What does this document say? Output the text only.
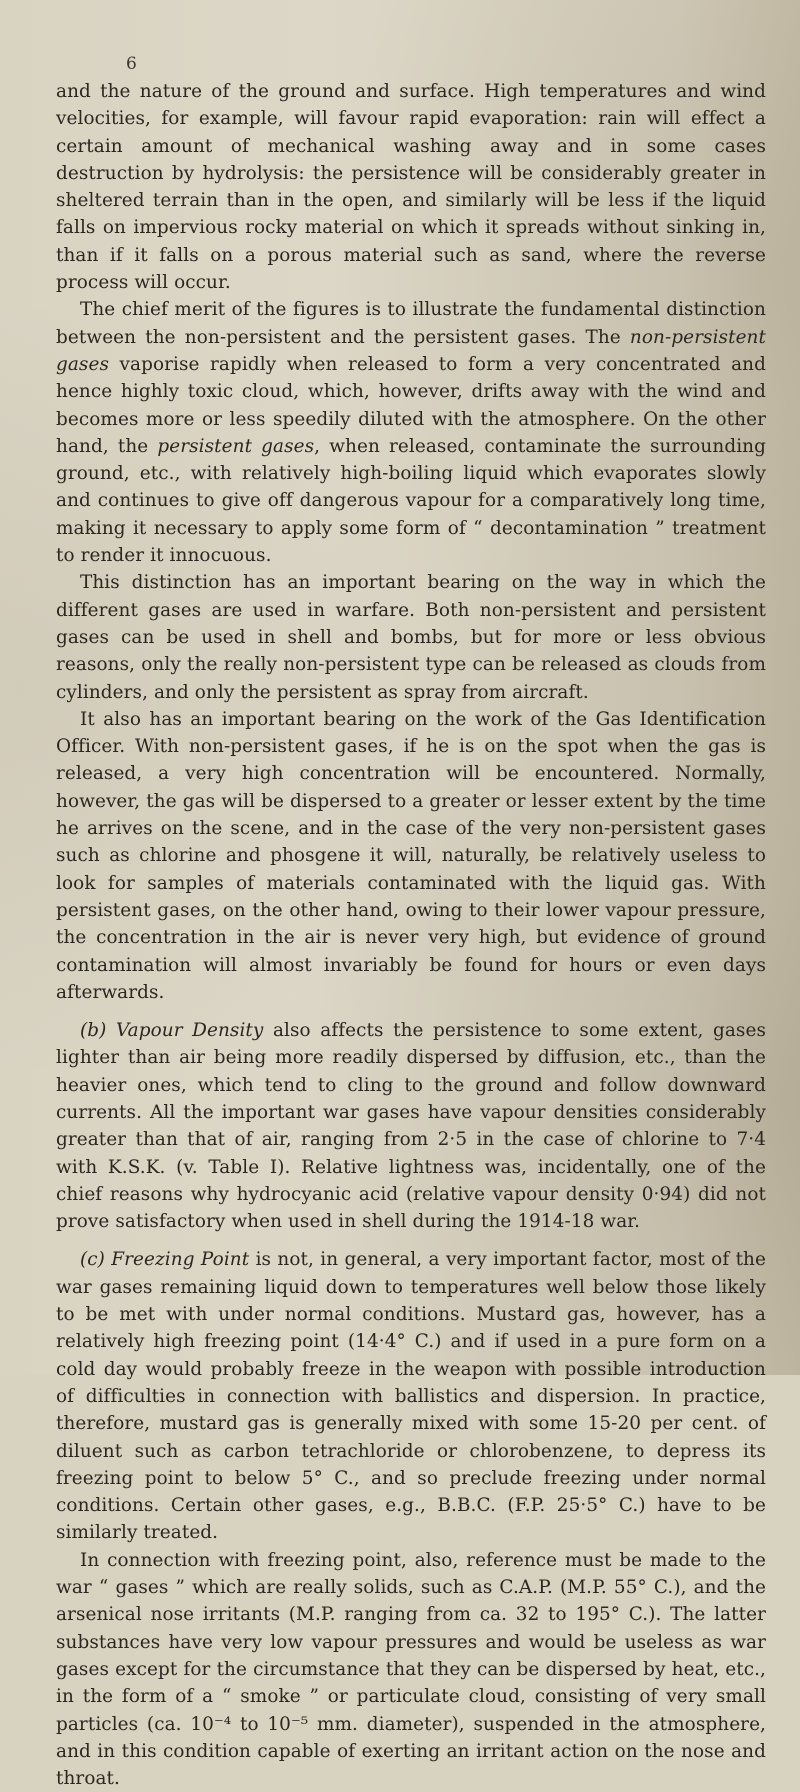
6

and the nature of the ground and surface. High temperatures and wind velocities, for example, will favour rapid evaporation: rain will effect a certain amount of mechanical washing away and in some cases destruction by hydrolysis: the persistence will be considerably greater in sheltered terrain than in the open, and similarly will be less if the liquid falls on impervious rocky material on which it spreads without sinking in, than if it falls on a porous material such as sand, where the reverse process will occur.

The chief merit of the figures is to illustrate the fundamental distinction between the non-persistent and the persistent gases. The non-persistent gases vaporise rapidly when released to form a very concentrated and hence highly toxic cloud, which, however, drifts away with the wind and becomes more or less speedily diluted with the atmosphere. On the other hand, the persistent gases, when released, contaminate the surrounding ground, etc., with relatively high-boiling liquid which evaporates slowly and continues to give off dangerous vapour for a comparatively long time, making it necessary to apply some form of “ decontamination ” treatment to render it innocuous.

This distinction has an important bearing on the way in which the different gases are used in warfare. Both non-persistent and persistent gases can be used in shell and bombs, but for more or less obvious reasons, only the really non-persistent type can be released as clouds from cylinders, and only the persistent as spray from aircraft.

It also has an important bearing on the work of the Gas Identification Officer. With non-persistent gases, if he is on the spot when the gas is released, a very high concentration will be encountered. Normally, however, the gas will be dispersed to a greater or lesser extent by the time he arrives on the scene, and in the case of the very non-persistent gases such as chlorine and phosgene it will, naturally, be relatively useless to look for samples of materials contaminated with the liquid gas. With persistent gases, on the other hand, owing to their lower vapour pressure, the concentration in the air is never very high, but evidence of ground contamination will almost invariably be found for hours or even days afterwards.

(b) Vapour Density also affects the persistence to some extent, gases lighter than air being more readily dispersed by diffusion, etc., than the heavier ones, which tend to cling to the ground and follow downward currents. All the important war gases have vapour densities considerably greater than that of air, ranging from 2·5 in the case of chlorine to 7·4 with K.S.K. (v. Table I). Relative lightness was, incidentally, one of the chief reasons why hydrocyanic acid (relative vapour density 0·94) did not prove satisfactory when used in shell during the 1914-18 war.

(c) Freezing Point is not, in general, a very important factor, most of the war gases remaining liquid down to temperatures well below those likely to be met with under normal conditions. Mustard gas, however, has a relatively high freezing point (14·4° C.) and if used in a pure form on a cold day would probably freeze in the weapon with possible introduction of difficulties in connection with ballistics and dispersion. In practice, therefore, mustard gas is generally mixed with some 15-20 per cent. of diluent such as carbon tetrachloride or chlorobenzene, to depress its freezing point to below 5° C., and so preclude freezing under normal conditions. Certain other gases, e.g., B.B.C. (F.P. 25·5° C.) have to be similarly treated.

In connection with freezing point, also, reference must be made to the war “ gases ” which are really solids, such as C.A.P. (M.P. 55° C.), and the arsenical nose irritants (M.P. ranging from ca. 32 to 195° C.). The latter substances have very low vapour pressures and would be useless as war gases except for the circumstance that they can be dispersed by heat, etc., in the form of a “ smoke ” or particulate cloud, consisting of very small particles (ca. 10⁻⁴ to 10⁻⁵ mm. diameter), suspended in the atmosphere, and in this condition capable of exerting an irritant action on the nose and throat.
